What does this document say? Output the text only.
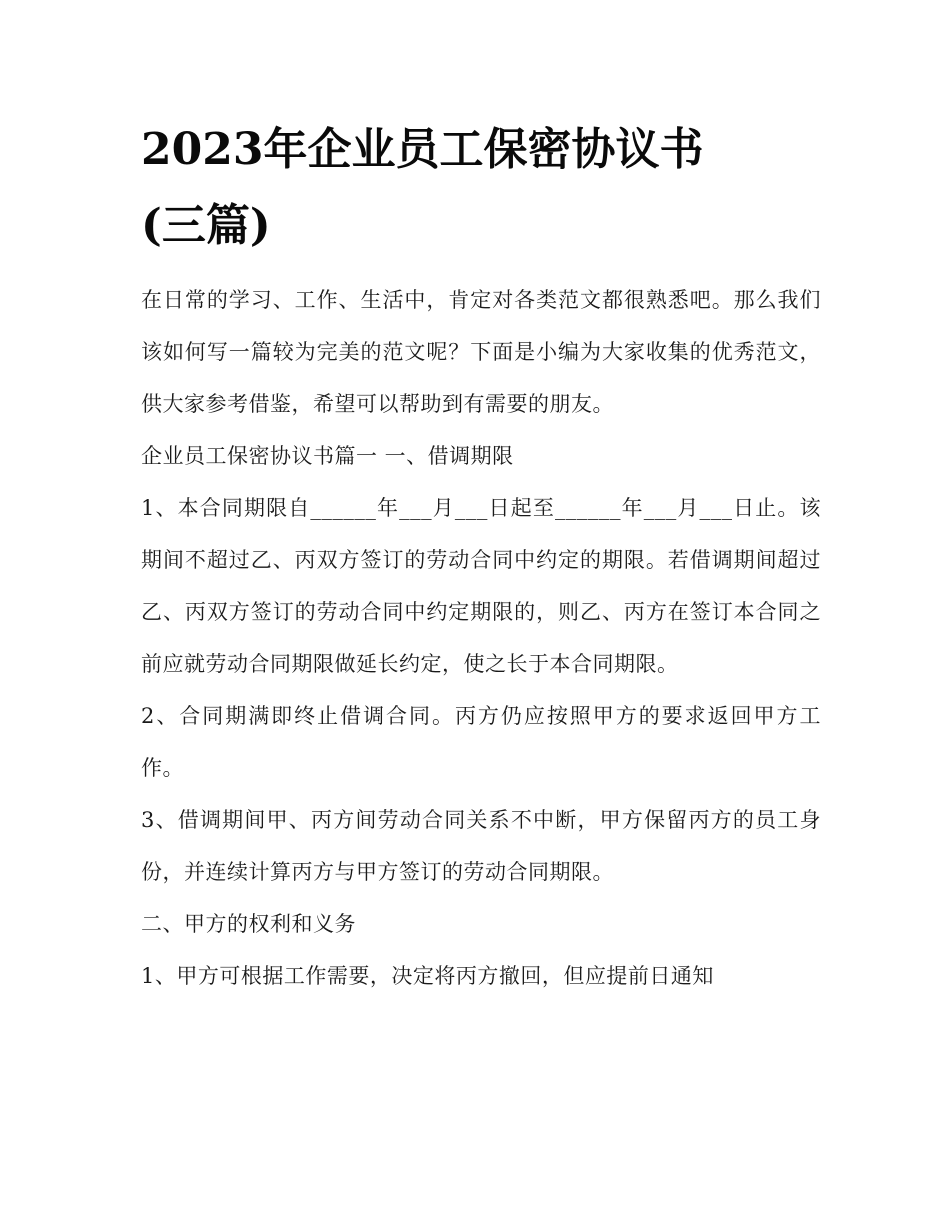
2023年企业员工保密协议书
(三篇)

在日常的学习、工作、生活中，肯定对各类范文都很熟悉吧。那么我们该如何写一篇较为完美的范文呢？下面是小编为大家收集的优秀范文，供大家参考借鉴，希望可以帮助到有需要的朋友。

企业员工保密协议书篇一 一、借调期限

1、本合同期限自______年___月___日起至______年___月___日止。该期间不超过乙、丙双方签订的劳动合同中约定的期限。若借调期间超过乙、丙双方签订的劳动合同中约定期限的，则乙、丙方在签订本合同之前应就劳动合同期限做延长约定，使之长于本合同期限。

2、合同期满即终止借调合同。丙方仍应按照甲方的要求返回甲方工作。

3、借调期间甲、丙方间劳动合同关系不中断，甲方保留丙方的员工身份，并连续计算丙方与甲方签订的劳动合同期限。

二、甲方的权利和义务

1、甲方可根据工作需要，决定将丙方撤回，但应提前日通知
